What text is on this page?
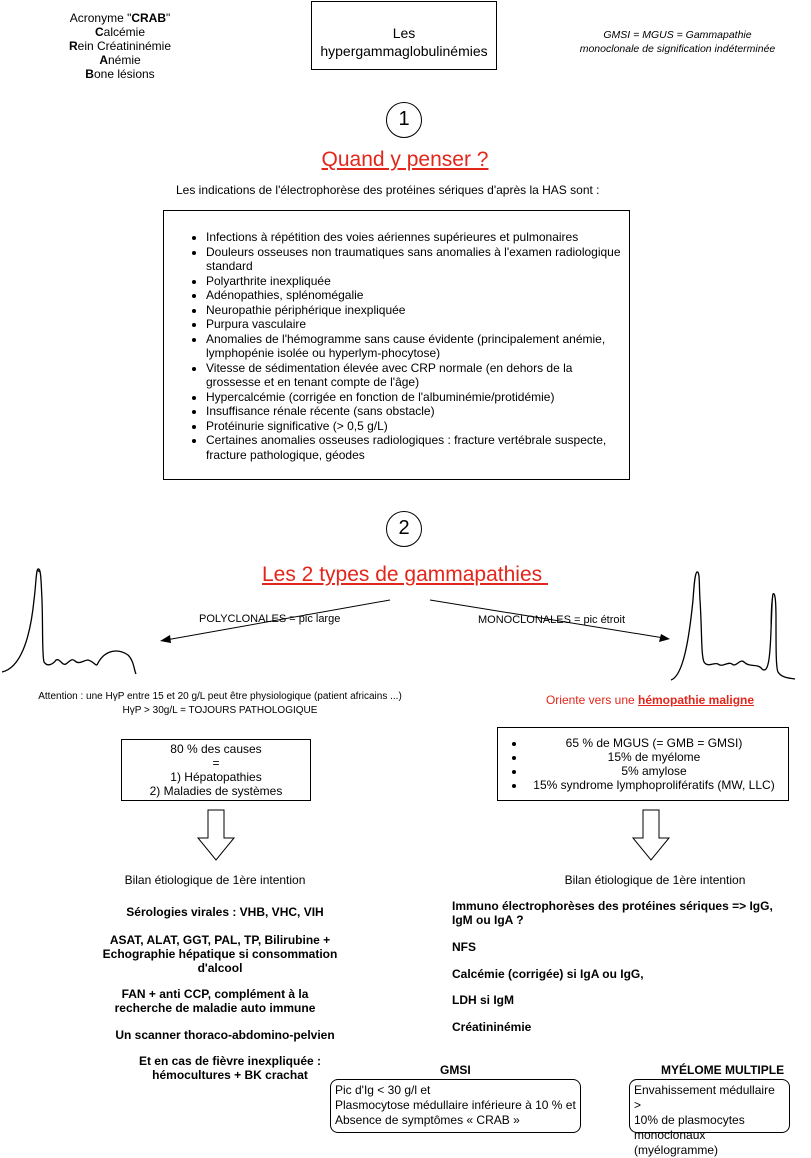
Acronyme "CRAB"
Calcémie
Rein Créatininémie
Anémie
Bone lésions
Les
hypergammaglobulinémies
GMSI = MGUS = Gammapathie
monoclonale de signification indéterminée
1
Quand y penser ?
Les indications de l'électrophorèse des protéines sériques d'après la HAS sont :
• Infections à répétition des voies aériennes supérieures et pulmonaires
• Douleurs osseuses non traumatiques sans anomalies à l'examen radiologique standard
• Polyarthrite inexpliquée
• Adénopathies, splénomégalie
• Neuropathie périphérique inexpliquée
• Purpura vasculaire
• Anomalies de l'hémogramme sans cause évidente (principalement anémie, lymphopénie isolée ou hyperlym-phocytose)
• Vitesse de sédimentation élevée avec CRP normale (en dehors de la grossesse et en tenant compte de l'âge)
• Hypercalcémie (corrigée en fonction de l'albuminémie/protidémie)
• Insuffisance rénale récente (sans obstacle)
• Protéinurie significative (˃ 0,5 g/L)
• Certaines anomalies osseuses radiologiques : fracture vertébrale suspecte, fracture pathologique, géodes
2
Les 2 types de gammapathies
POLYCLONALES = pic large	MONOCLONALES = pic étroit
Attention : une HγP entre 15 et 20 g/L peut être physiologique (patient africains ...)
HγP > 30g/L = TOJOURS PATHOLOGIQUE
Oriente vers une hémopathie maligne
80 % des causes
=
1) Hépatopathies
2) Maladies de systèmes
• 65 % de MGUS (= GMB = GMSI)
• 15% de myélome
• 5% amylose
• 15% syndrome lymphoprolifératifs (MW, LLC)
Bilan étiologique de 1ère intention	Bilan étiologique de 1ère intention
Sérologies virales : VHB, VHC, VIH
ASAT, ALAT, GGT, PAL, TP, Bilirubine + Echographie hépatique si consommation d'alcool
FAN + anti CCP, complément à la recherche de maladie auto immune
Un scanner thoraco-abdomino-pelvien
Et en cas de fièvre inexpliquée : hémocultures + BK crachat
Immuno électrophorèses des protéines sériques => IgG, IgM ou IgA ?
NFS
Calcémie (corrigée) si IgA ou IgG,
LDH si IgM
Créatininémie
GMSI	MYÉLOME MULTIPLE
Pic d'Ig < 30 g/l et
Plasmocytose médullaire inférieure à 10 % et
Absence de symptômes « CRAB »
Envahissement médullaire >
10% de plasmocytes
monoclonaux (myélogramme)
